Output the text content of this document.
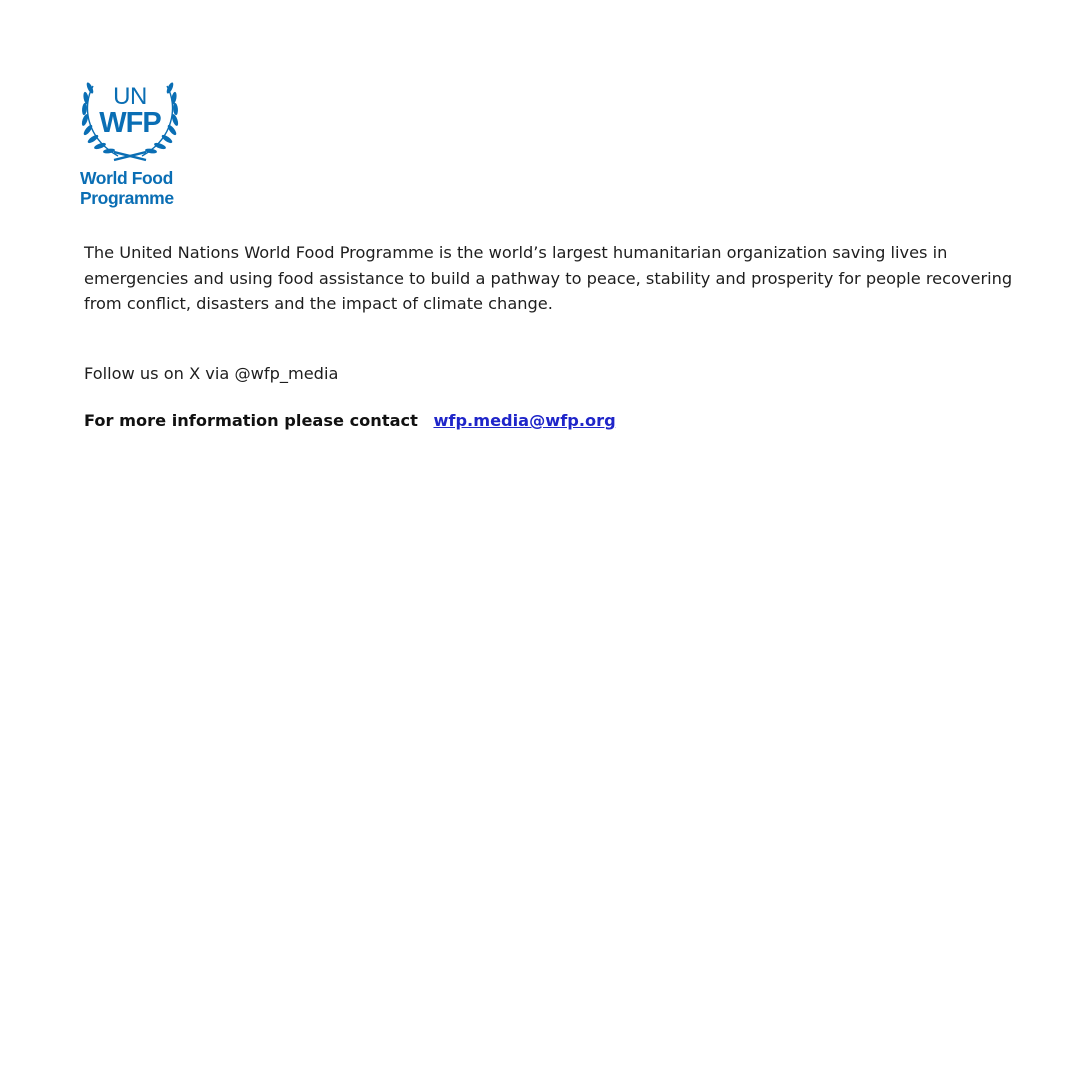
UN
WFP
World Food
Programme

The United Nations World Food Programme is the world’s largest humanitarian organization saving lives in emergencies and using food assistance to build a pathway to peace, stability and prosperity for people recovering from conflict, disasters and the impact of climate change.

Follow us on X via @wfp_media
For more information please contact wfp.media@wfp.org
